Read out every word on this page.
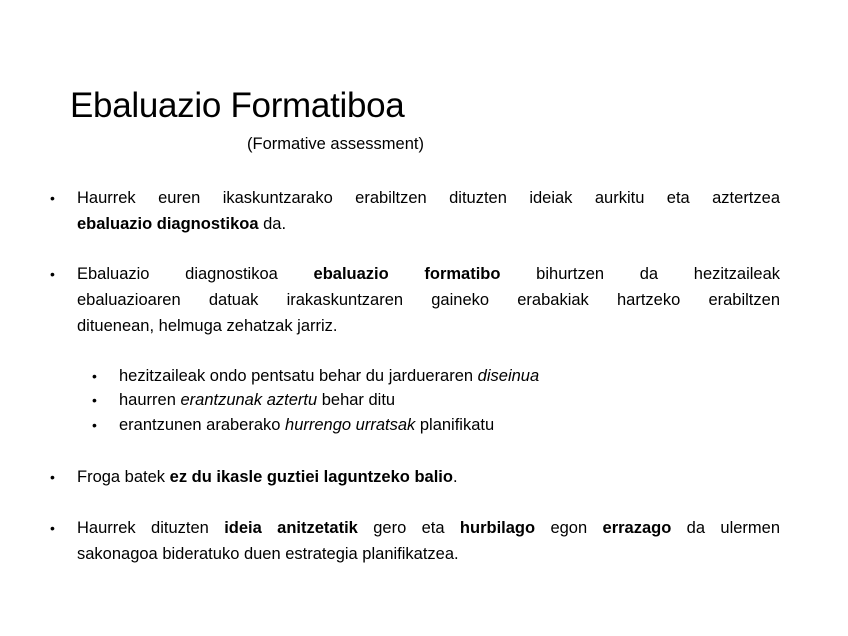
Ebaluazio Formatiboa
(Formative assessment)
• Haurrek euren ikaskuntzarako erabiltzen dituzten ideiak aurkitu eta aztertzea
ebaluazio diagnostikoa da.
• Ebaluazio diagnostikoa ebaluazio formatibo bihurtzen da hezitzaileak
ebaluazioaren datuak irakaskuntzaren gaineko erabakiak hartzeko erabiltzen
dituenean, helmuga zehatzak jarriz.
• hezitzaileak ondo pentsatu behar du jardueraren diseinua
• haurren erantzunak aztertu behar ditu
• erantzunen araberako hurrengo urratsak planifikatu
• Froga batek ez du ikasle guztiei laguntzeko balio.
• Haurrek dituzten ideia anitzetatik gero eta hurbilago egon errazago da ulermen
sakonagoa bideratuko duen estrategia planifikatzea.
